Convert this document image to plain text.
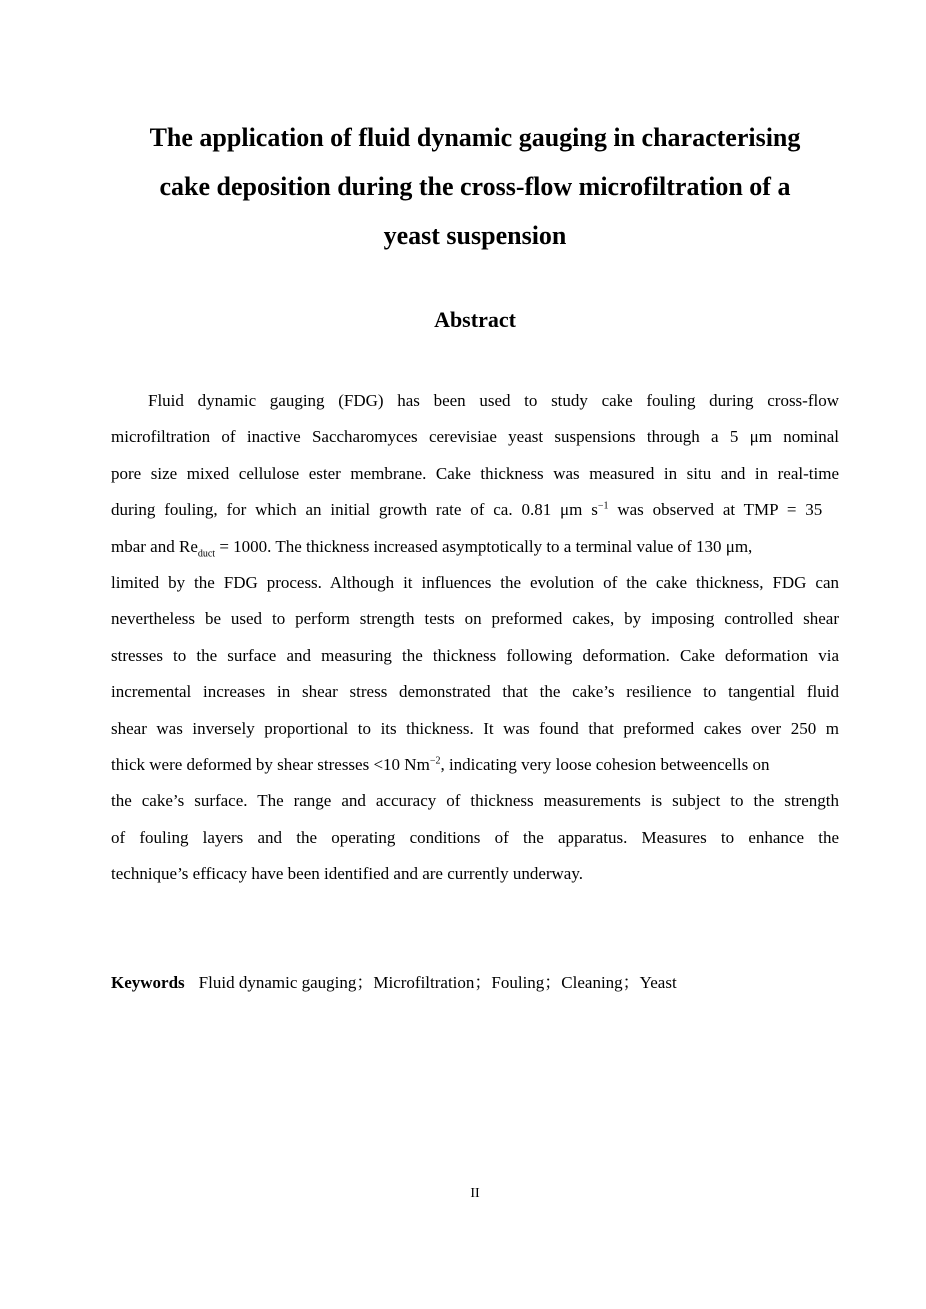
The application of fluid dynamic gauging in characterising
cake deposition during the cross-flow microfiltration of a
yeast suspension
Abstract
Fluid dynamic gauging (FDG) has been used to study cake fouling during cross-flow
microfiltration of inactive Saccharomyces cerevisiae yeast suspensions through a 5 μm nominal
pore size mixed cellulose ester membrane. Cake thickness was measured in situ and in real-time
during fouling, for which an initial growth rate of ca. 0.81 μm $s^{-1}$ was observed at TMP = 35
mbar and $Re_{duct} = 1000$. The thickness increased asymptotically to a terminal value of 130 μm,
limited by the FDG process. Although it influences the evolution of the cake thickness, FDG can
nevertheless be used to perform strength tests on preformed cakes, by imposing controlled shear
stresses to the surface and measuring the thickness following deformation. Cake deformation via
incremental increases in shear stress demonstrated that the cake’s resilience to tangential fluid
shear was inversely proportional to its thickness. It was found that preformed cakes over 250 m
thick were deformed by shear stresses <10 $Nm^{-2}$, indicating very loose cohesion betweencells on
the cake’s surface. The range and accuracy of thickness measurements is subject to the strength
of fouling layers and the operating conditions of the apparatus. Measures to enhance the
technique’s efficacy have been identified and are currently underway.
Keywords Fluid dynamic gauging；Microfiltration；Fouling；Cleaning；Yeast
II
